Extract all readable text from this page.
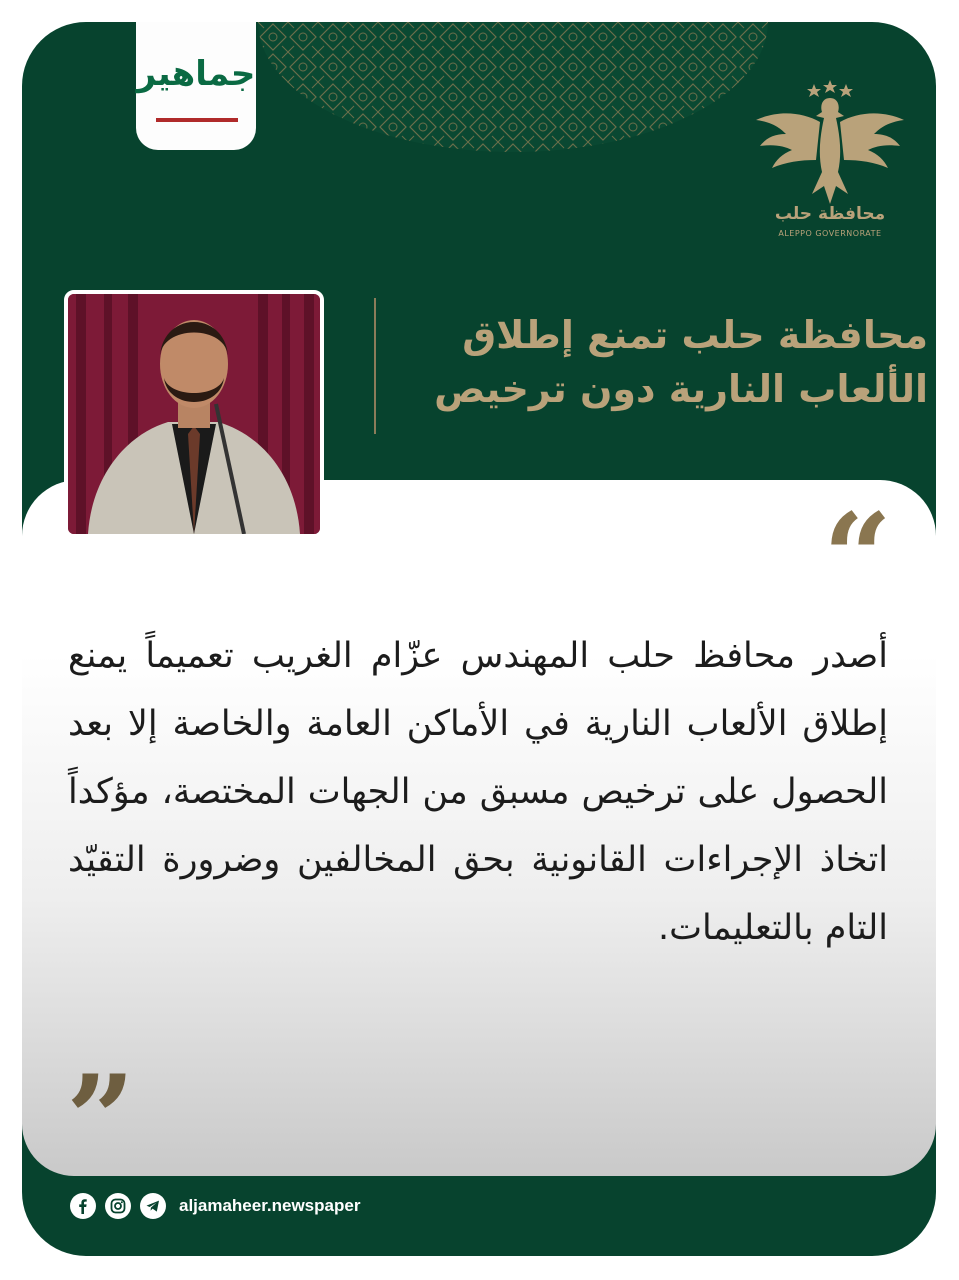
جماهير
محافظة حلب
ALEPPO GOVERNORATE
محافظة حلب تمنع إطلاق
الألعاب النارية دون ترخيص
“
أصدر محافظ حلب المهندس عزّام الغريب تعميماً يمنع إطلاق الألعاب النارية في الأماكن العامة والخاصة إلا بعد الحصول على ترخيص مسبق من الجهات المختصة، مؤكداً اتخاذ الإجراءات القانونية بحق المخالفين وضرورة التقيّد التام بالتعليمات.
”
aljamaheer.newspaper
